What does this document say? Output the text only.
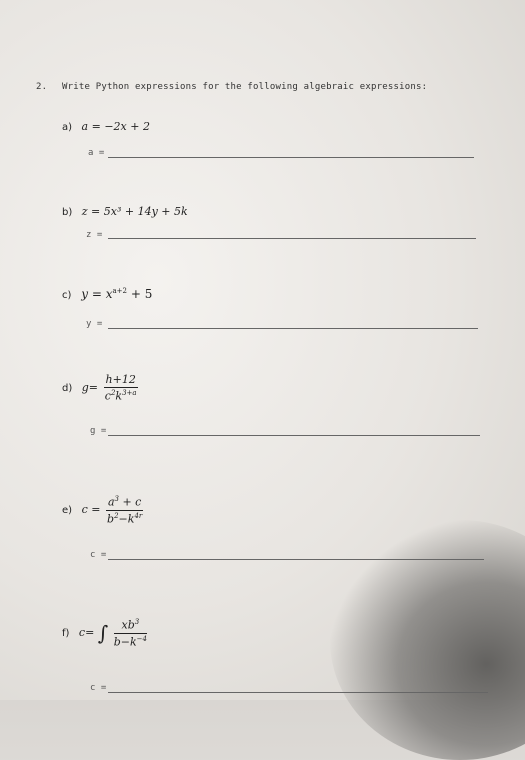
2. Write Python expressions for the following algebraic expressions:
a) a = −2x + 2
a =
b) z = 5x³ + 14y + 5k
z =
c) $y = x^{a+2} + 5$
y =
d) $g= \frac{h+12}{c^2k^{3+a}}$
g =
e) $c = \frac{a^3 + c}{b^2-k^{4r}}$
c =
f) c= ∫ $\frac{xb^3}{b-k^{-4}}$
c =
